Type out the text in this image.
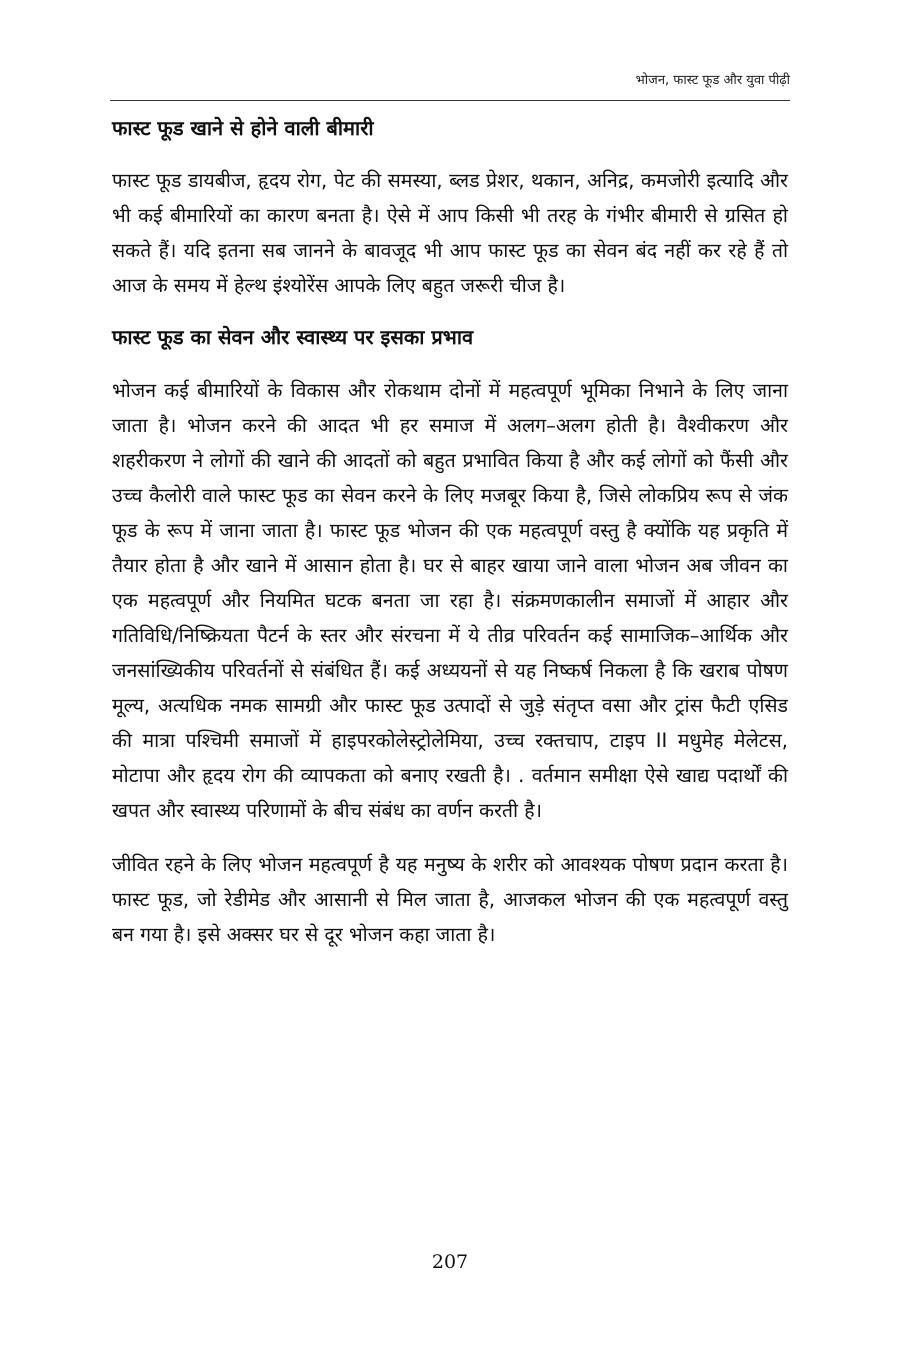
भोजन, फास्ट फूड और युवा पीढ़ी
फास्ट फूड खाने से होने वाली बीमारी

फास्ट फूड डायबीज, हृदय रोग, पेट की समस्या, ब्लड प्रेशर, थकान, अनिद्र, कमजोरी इत्यादि और भी कई बीमारियों का कारण बनता है। ऐसे में आप किसी भी तरह के गंभीर बीमारी से ग्रसित हो सकते हैं। यदि इतना सब जानने के बावजूद भी आप फास्ट फूड का सेवन बंद नहीं कर रहे हैं तो आज के समय में हेल्थ इंश्योरेंस आपके लिए बहुत जरूरी चीज है।

फास्ट फूड का सेवन और स्वास्थ्य पर इसका प्रभाव

भोजन कई बीमारियों के विकास और रोकथाम दोनों में महत्वपूर्ण भूमिका निभाने के लिए जाना जाता है। भोजन करने की आदत भी हर समाज में अलग–अलग होती है। वैश्वीकरण और शहरीकरण ने लोगों की खाने की आदतों को बहुत प्रभावित किया है और कई लोगों को फैंसी और उच्च कैलोरी वाले फास्ट फूड का सेवन करने के लिए मजबूर किया है, जिसे लोकप्रिय रूप से जंक फूड के रूप में जाना जाता है। फास्ट फूड भोजन की एक महत्वपूर्ण वस्तु है क्योंकि यह प्रकृति में तैयार होता है और खाने में आसान होता है। घर से बाहर खाया जाने वाला भोजन अब जीवन का एक महत्वपूर्ण और नियमित घटक बनता जा रहा है। संक्रमणकालीन समाजों में आहार और गतिविधि/निष्क्रियता पैटर्न के स्तर और संरचना में ये तीव्र परिवर्तन कई सामाजिक–आर्थिक और जनसांख्यिकीय परिवर्तनों से संबंधित हैं। कई अध्ययनों से यह निष्कर्ष निकला है कि खराब पोषण मूल्य, अत्यधिक नमक सामग्री और फास्ट फूड उत्पादों से जुड़े संतृप्त वसा और ट्रांस फैटी एसिड की मात्रा पश्चिमी समाजों में हाइपरकोलेस्ट्रोलेमिया, उच्च रक्तचाप, टाइप II मधुमेह मेलेटस, मोटापा और हृदय रोग की व्यापकता को बनाए रखती है। . वर्तमान समीक्षा ऐसे खाद्य पदार्थों की खपत और स्वास्थ्य परिणामों के बीच संबंध का वर्णन करती है।

जीवित रहने के लिए भोजन महत्वपूर्ण है यह मनुष्य के शरीर को आवश्यक पोषण प्रदान करता है। फास्ट फूड, जो रेडीमेड और आसानी से मिल जाता है, आजकल भोजन की एक महत्वपूर्ण वस्तु बन गया है। इसे अक्सर घर से दूर भोजन कहा जाता है।

207
